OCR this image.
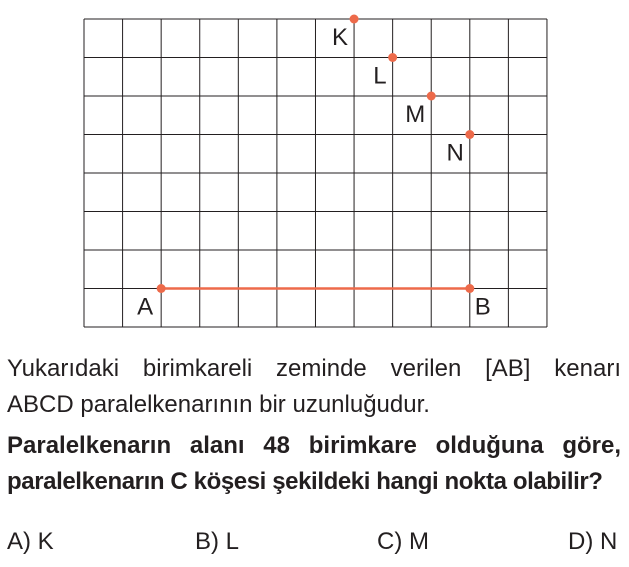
A	B
K
L
M
N
Yukarıdaki birimkareli zeminde verilen [AB] kenarı
ABCD paralelkenarının bir uzunluğudur.
Paralelkenarın alanı 48 birimkare olduğuna göre,
paralelkenarın C köşesi şekildeki hangi nokta olabilir?
A) K	B) L	C) M	D) N
